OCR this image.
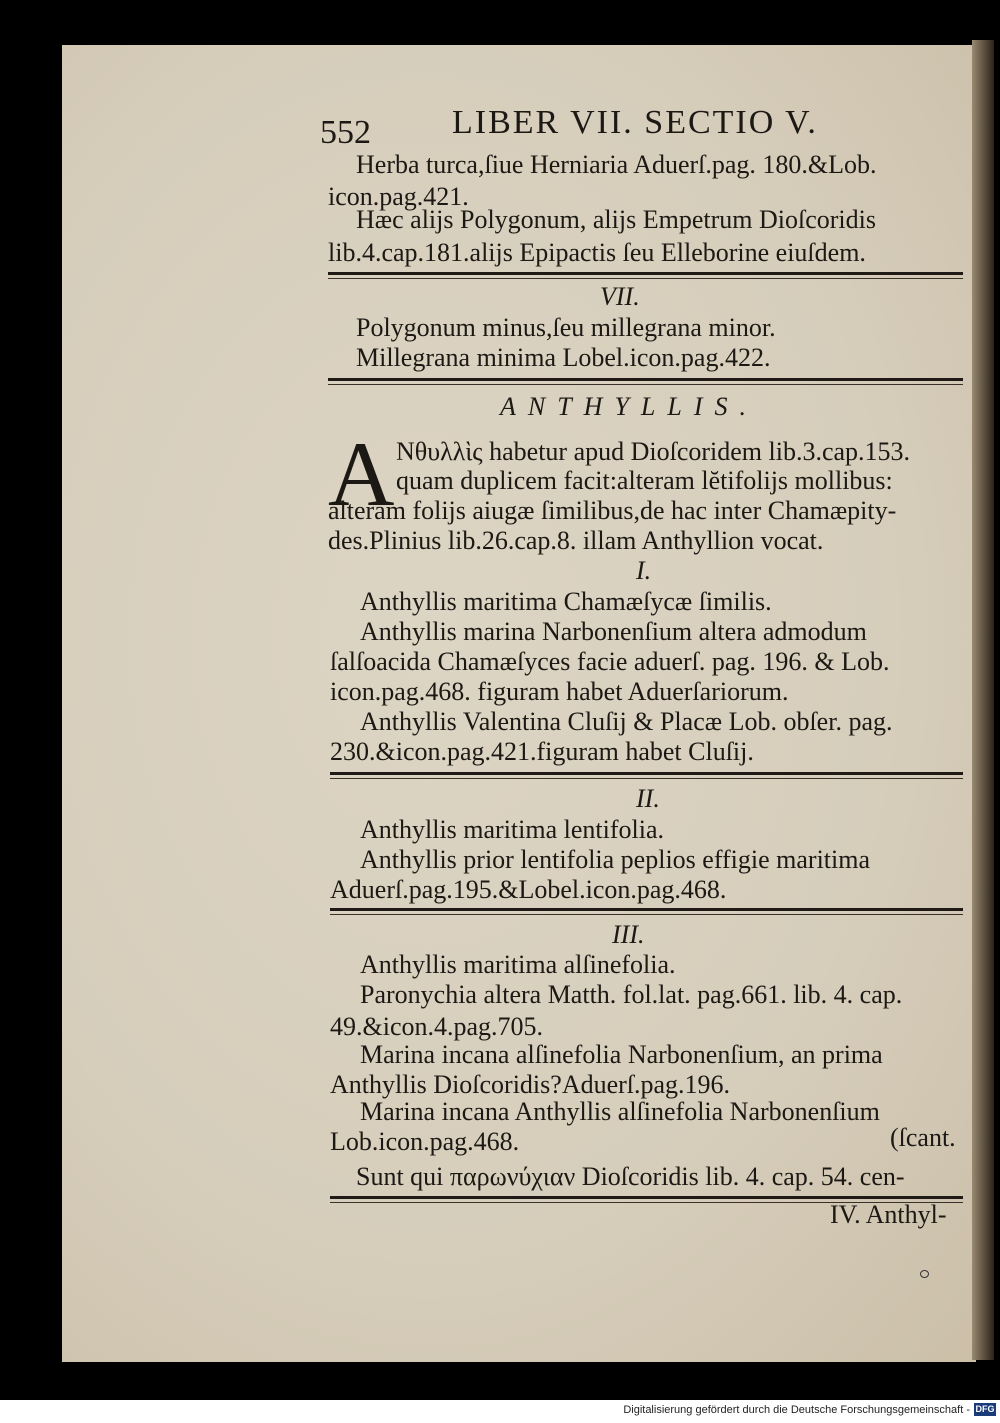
552 LIBER VII. SECTIO V.
Herba turca,ſiue Herniaria Aduerſ.pag. 180.&Lob.
icon.pag.421.
Hæc alijs Polygonum, alijs Empetrum Dioſcoridis
lib.4.cap.181.alijs Epipactis ſeu Elleborine eiuſdem.
VII.
Polygonum minus,ſeu millegrana minor.
Millegrana minima Lobel.icon.pag.422.
ANTHYLLIS.
A Νθυλλὶς habetur apud Dioſcoridem lib.3.cap.153.
quam duplicem facit:alteram lĕtifolijs mollibus:
alteram folijs aiugæ ſimilibus,de hac inter Chamæpity-
des.Plinius lib.26.cap.8. illam Anthyllion vocat.
I.
Anthyllis maritima Chamæſycæ ſimilis.
Anthyllis marina Narbonenſium altera admodum
ſalſoacida Chamæſyces facie aduerſ. pag. 196. & Lob.
icon.pag.468. figuram habet Aduerſariorum.
Anthyllis Valentina Cluſij & Placæ Lob. obſer. pag.
230.&icon.pag.421.figuram habet Cluſij.
II.
Anthyllis maritima lentifolia.
Anthyllis prior lentifolia peplios effigie maritima
Aduerſ.pag.195.&Lobel.icon.pag.468.
III.
Anthyllis maritima alſinefolia.
Paronychia altera Matth. fol.lat. pag.661. lib. 4. cap.
49.&icon.4.pag.705.
Marina incana alſinefolia Narbonenſium, an prima
Anthyllis Dioſcoridis?Aduerſ.pag.196.
Marina incana Anthyllis alſinefolia Narbonenſium
Lob.icon.pag.468.	(ſcant.
Sunt qui παρωνύχιαν Dioſcoridis lib. 4. cap. 54. cen-
IV. Anthyl-
Digitalisierung gefördert durch die Deutsche Forschungsgemeinschaft - DFG
